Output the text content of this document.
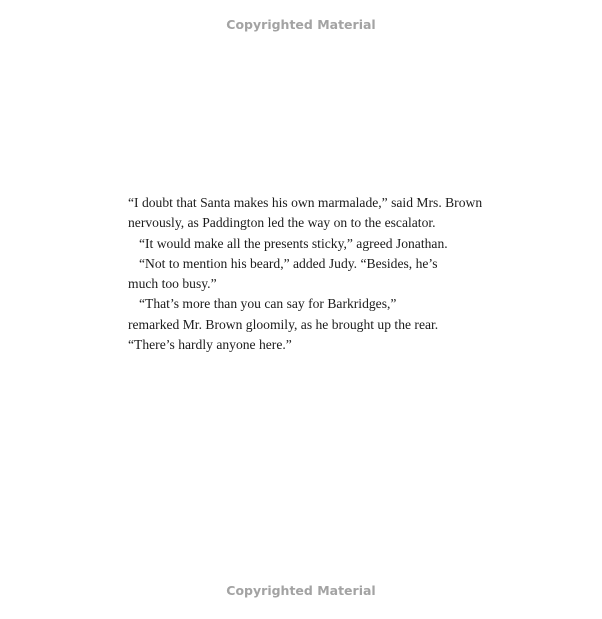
Copyrighted Material
“I doubt that Santa makes his own marmalade,” said Mrs. Brown
nervously, as Paddington led the way on to the escalator.
“It would make all the presents sticky,” agreed Jonathan.
“Not to mention his beard,” added Judy. “Besides, he’s
much too busy.”
“That’s more than you can say for Barkridges,”
remarked Mr. Brown gloomily, as he brought up the rear.
“There’s hardly anyone here.”
Copyrighted Material
